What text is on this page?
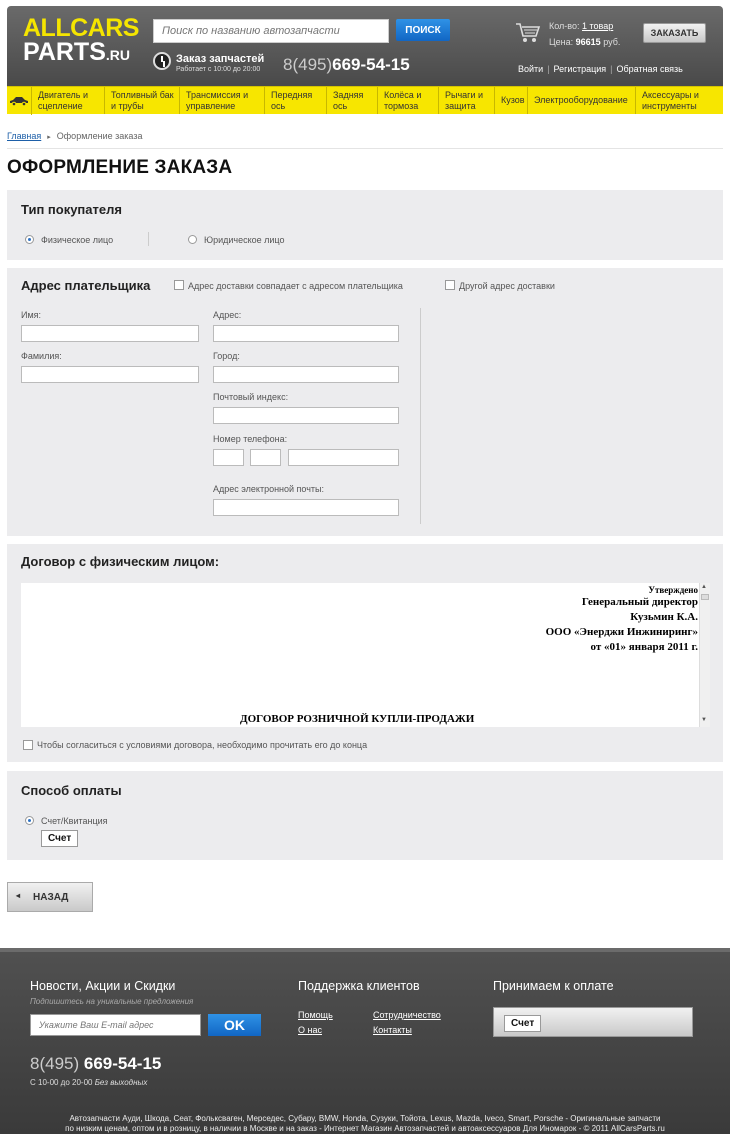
ALLCARS
PARTS.RU
Поиск по названию автозапчасти
ПОИСК
Заказ запчастей
Работает с 10:00 до 20:00 8(495)669-54-15
Кол-во: 1 товар
Цена: 96615 руб.
ЗАКАЗАТЬ
Войти | Регистрация | Обратная связь
Двигатель и сцепление
Топливный бак и трубы
Трансмиссия и управление
Передняя ось
Задняя ось
Колёса и тормоза
Рычаги и защита
Кузов	Электрооборудование
Аксессуары и инструменты
Главная ▸ Оформление заказа
ОФОРМЛЕНИЕ ЗАКАЗА
Тип покупателя
Физическое лицо	Юридическое лицо
Адрес плательщика	Адрес доставки совпадает с адресом плательщика	Другой адрес доставки
Имя:
Фамилия:
Адрес:
Город:
Почтовый индекс:
Номер телефона:
Адрес электронной почты:
Договор с физическим лицом:
Чтобы согласиться с условиями договора, необходимо прочитать его до конца
Утверждено
Генеральный директор
Кузьмин К.А.
ООО «Энерджи Инжиниринг»
от «01» января 2011 г.
ДОГОВОР РОЗНИЧНОЙ КУПЛИ-ПРОДАЖИ
▲
▼
Способ оплаты
Счет/Квитанция
Счет
◂ НАЗАД
Новости, Акции и Скидки
Подпишитесь на уникальные предложения
Укажите Ваш E-mail адрес
OK
8(495) 669-54-15
С 10-00 до 20-00 Без выходных
Поддержка клиентов
Помощь
О нас
Сотрудничество
Контакты
Принимаем к оплате
Счет
Автозапчасти Ауди, Шкода, Сеат, Фольксваген, Мерседес, Субару, BMW, Honda, Сузуки, Тойота, Lexus, Mazda, Iveco, Smart, Porsche - Оригинальные запчасти
по низким ценам, оптом и в розницу, в наличии в Москве и на заказ - Интернет Магазин Автозапчастей и автоаксессуаров Для Иномарок - © 2011 AllCarsParts.ru
